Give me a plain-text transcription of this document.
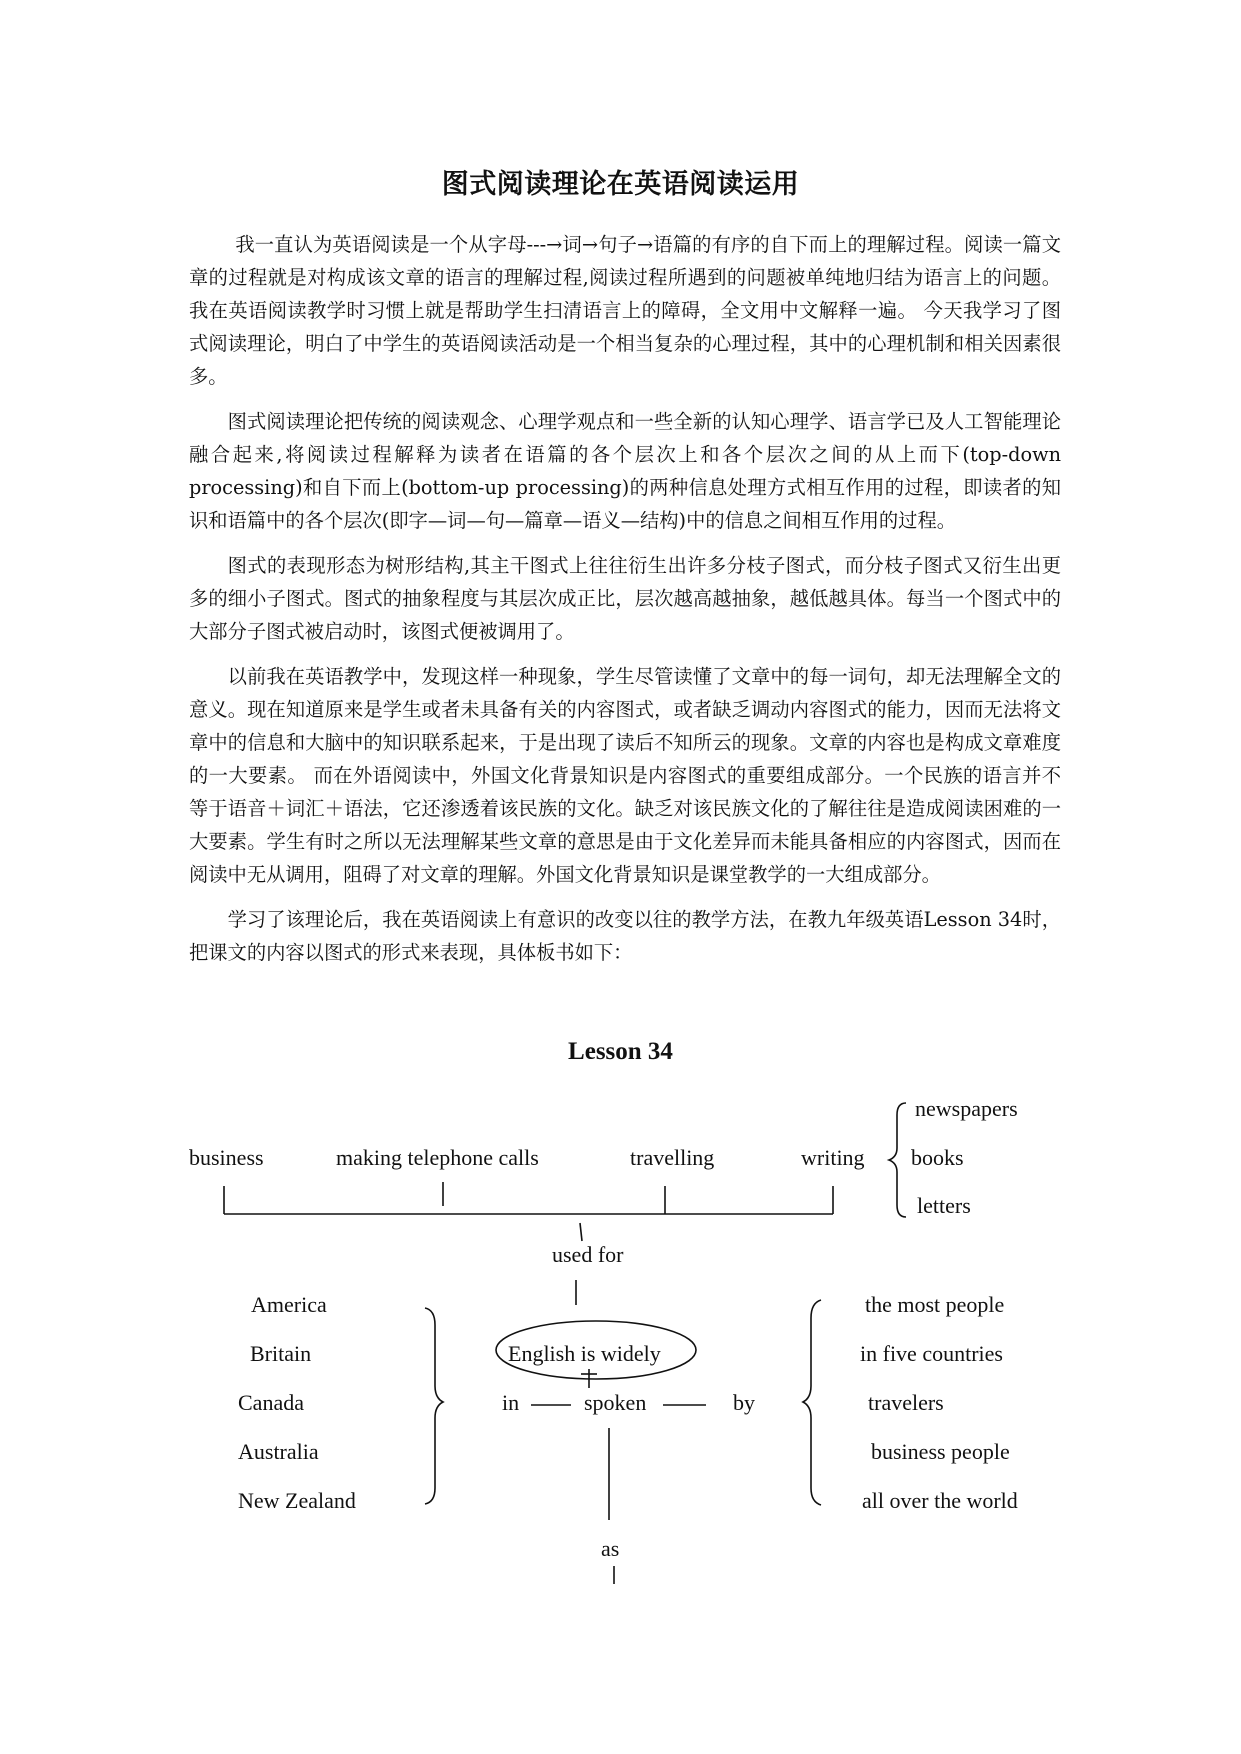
图式阅读理论在英语阅读运用

我一直认为英语阅读是一个从字母---→词→句子→语篇的有序的自下而上的理解过程。阅读一篇文章的过程就是对构成该文章的语言的理解过程,阅读过程所遇到的问题被单纯地归结为语言上的问题。我在英语阅读教学时习惯上就是帮助学生扫清语言上的障碍，全文用中文解释一遍。 今天我学习了图式阅读理论，明白了中学生的英语阅读活动是一个相当复杂的心理过程，其中的心理机制和相关因素很多。

图式阅读理论把传统的阅读观念、心理学观点和一些全新的认知心理学、语言学已及人工智能理论融合起来,将阅读过程解释为读者在语篇的各个层次上和各个层次之间的从上而下(top-down processing)和自下而上(bottom-up processing)的两种信息处理方式相互作用的过程，即读者的知识和语篇中的各个层次(即字—词—句—篇章—语义—结构)中的信息之间相互作用的过程。

图式的表现形态为树形结构,其主干图式上往往衍生出许多分枝子图式，而分枝子图式又衍生出更多的细小子图式。图式的抽象程度与其层次成正比，层次越高越抽象，越低越具体。每当一个图式中的大部分子图式被启动时，该图式便被调用了。

以前我在英语教学中，发现这样一种现象，学生尽管读懂了文章中的每一词句，却无法理解全文的意义。现在知道原来是学生或者未具备有关的内容图式，或者缺乏调动内容图式的能力，因而无法将文章中的信息和大脑中的知识联系起来，于是出现了读后不知所云的现象。文章的内容也是构成文章难度的一大要素。 而在外语阅读中，外国文化背景知识是内容图式的重要组成部分。一个民族的语言并不等于语音＋词汇＋语法，它还渗透着该民族的文化。缺乏对该民族文化的了解往往是造成阅读困难的一大要素。学生有时之所以无法理解某些文章的意思是由于文化差异而未能具备相应的内容图式，因而在阅读中无从调用，阻碍了对文章的理解。外国文化背景知识是课堂教学的一大组成部分。

学习了该理论后，我在英语阅读上有意识的改变以往的教学方法，在教九年级英语Lesson 34时，把课文的内容以图式的形式来表现，具体板书如下：

Lesson 34
business	making telephone calls	travelling	writing
newspapers
books
letters
used for
America
Britain
Canada
Australia
New Zealand
English is widely
in	spoken	by
the most people
in five countries
travelers
business people
all over the world
as
